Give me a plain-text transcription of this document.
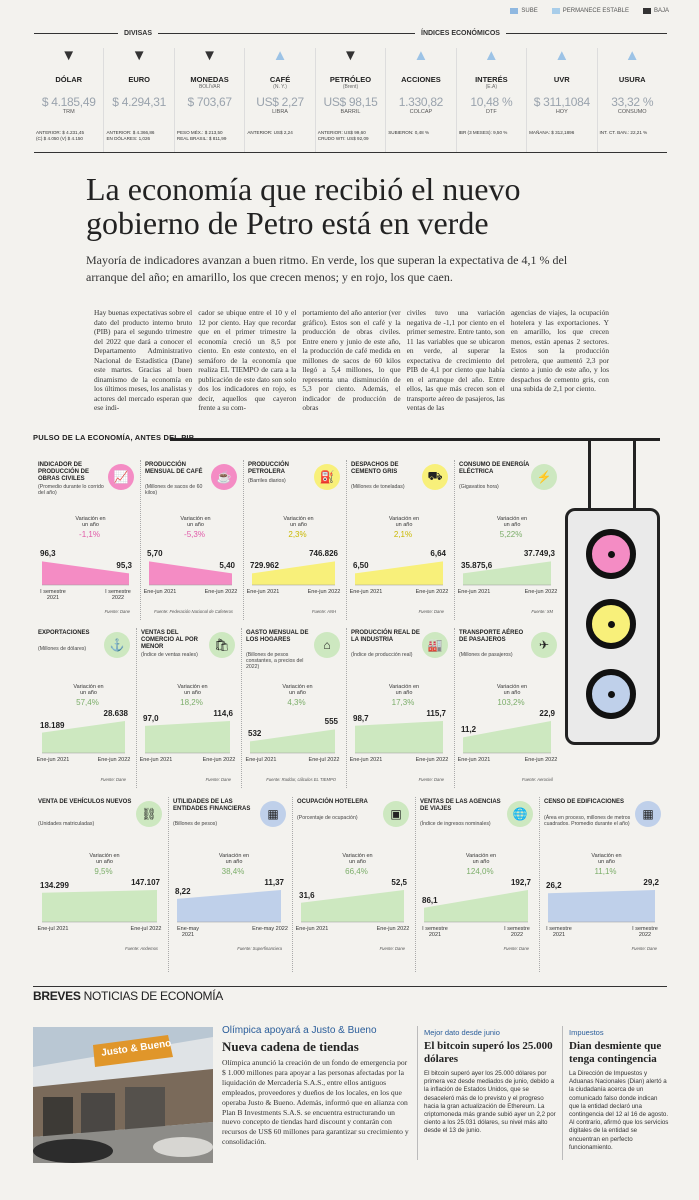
SUBE	PERMANECE ESTABLE	BAJA
DIVISAS	ÍNDICES ECONÓMICOS
▼
DÓLAR
$ 4.185,49
TRM
ANTERIOR: $ 4.231,45
(C) $ 4.050 (V) $ 4.150
▼
EURO
$ 4.294,31
ANTERIOR: $ 4.366,86
EN DÓLARES: 1,026
▼
MONEDAS
BOLÍVAR
$ 703,67
PESO MÉX.: $ 213,50
REAL BRASIL: $ 811,99
▲
CAFÉ
(N. Y.)
US$ 2,27
LIBRA
ANTERIOR: US$ 2,24
▼
PETRÓLEO
(Brent)
US$ 98,15
BARRIL
ANTERIOR: US$ 99,60
CRUDO WTI: US$ 92,09
▲
ACCIONES
1.330,82
COLCAP
SUBIERON: 0,48 %
▲
INTERÉS
(E.A)
10,48 %
DTF
IBR (3 MESES): 9,50 %
▲
UVR
$ 311,1084
HOY
MAÑANA: $ 312,1896
▲
USURA
33,32 %
CONSUMO
INT. CT. BAN.: 22,21 %
La economía que recibió el nuevo gobierno de Petro está en verde

Mayoría de indicadores avanzan a buen ritmo. En verde, los que superan la expectativa de 4,1 % del arranque del año; en amarillo, los que crecen menos; y en rojo, los que caen.

Hay buenas expectativas sobre el dato del producto interno bruto (PIB) para el segundo trimestre del 2022 que dará a conocer el Departamento Administrativo Nacional de Estadística (Dane) este martes. Gracias al buen dinamismo de la economía en los últimos meses, los analistas y actores del mercado esperan que ese indi-
cador se ubique entre el 10 y el 12 por ciento. Hay que recordar que en el primer trimestre la economía creció un 8,5 por ciento. En este contexto, en el semáforo de la economía que realiza EL TIEMPO de cara a la publicación de este dato son solo dos los indicadores en rojo, es decir, aquellos que cayeron frente a su com-
portamiento del año anterior (ver gráfico). Estos son el café y la producción de obras civiles. Entre enero y junio de este año, la producción de café medida en millones de sacos de 60 kilos llegó a 5,4 millones, lo que representa una disminución de 5,3 por ciento. Además, el indicador de producción de obras
civiles tuvo una variación negativa de -1,1 por ciento en el primer semestre. Entre tanto, son 11 las variables que se ubicaron en verde, al superar la expectativa de crecimiento del PIB de 4,1 por ciento que había en el arranque del año. Entre ellos, las que más crecen son el transporte aéreo de pasajeros, las ventas de las
agencias de viajes, la ocupación hotelera y las exportaciones. Y en amarillo, los que crecen menos, están apenas 2 sectores. Estos son la producción petrolera, que aumentó 2,3 por ciento a junio de este año, y los despachos de cemento gris, con una subida de 2,1 por ciento.
PULSO DE LA ECONOMÍA, ANTES DEL PIB
INDICADOR DE PRODUCCIÓN DE OBRAS CIVILES
(Promedio durante lo corrido del año)
📈
Variación en un año
-1,1%
96,3
95,3
I semestre 2021
I semestre 2022
Fuente: Dane
PRODUCCIÓN MENSUAL DE CAFÉ
(Millones de sacos de 60 kilos)
☕
Variación en un año
-5,3%
5,70
5,40
Ene-jun 2021	Ene-jun 2022
Fuente: Federación Nacional de Cafeteros
PRODUCCIÓN PETROLERA
(Barriles diarios)	⛽
Variación en un año
2,3%
729.962
746.826
Ene-jun 2021	Ene-jun 2022
Fuente: ANH
DESPACHOS DE CEMENTO GRIS
(Millones de toneladas)
⛟
Variación en un año
2,1%
6,50
6,64
Ene-jun 2021	Ene-jun 2022
Fuente: Dane
CONSUMO DE ENERGÍA ELÉCTRICA
(Gigavatios hora)
⚡
Variación en un año
5,22%
35.875,6
37.749,3
Ene-jun 2021	Ene-jun 2022
Fuente: XM
EXPORTACIONES
(Millones de dólares)	⚓
Variación en un año
57,4%
18.189
28.638
Ene-jun 2021	Ene-jun 2022
Fuente: Dane
VENTAS DEL COMERCIO AL POR MENOR
(Índice de ventas reales)
🛍
Variación en un año
18,2%
97,0
114,6
Ene-jun 2021	Ene-jun 2022
Fuente: Dane
GASTO MENSUAL DE LOS HOGARES
(Billones de pesos constantes, a precios del 2022)
⌂
Variación en un año
4,3%
532
555
Ene-jul 2021	Ene-jul 2022
Fuente: Raddar, cálculos EL TIEMPO
PRODUCCIÓN REAL DE LA INDUSTRIA
(Índice de producción real)
🏭
Variación en un año
17,3%
98,7
115,7
Ene-jun 2021	Ene-jun 2022
Fuente: Dane
TRANSPORTE AÉREO DE PASAJEROS
(Millones de pasajeros)
✈
Variación en un año
103,2%
11,2
22,9
Ene-jun 2021	Ene-jun 2022
Fuente: Aerocivil
VENTA DE VEHÍCULOS NUEVOS
(Unidades matriculadas)
⛓
Variación en un año
9,5%
134.299	147.107
Ene-jul 2021	Ene-jul 2022
Fuente: Andemos
UTILIDADES DE LAS ENTIDADES FINANCIERAS
(Billones de pesos)
▦
Variación en un año
38,4%
8,22
11,37
Ene-may 2021
Ene-may 2022
Fuente: Superfinanciera
OCUPACIÓN HOTELERA
(Porcentaje de ocupación)	▣
Variación en un año
66,4%
31,6
52,5
Ene-jun 2021	Ene-jun 2022
Fuente: Dane
VENTAS DE LAS AGENCIAS DE VIAJES
(Índice de ingresos nominales)
🌐
Variación en un año
124,0%
86,1
192,7
I semestre 2021
I semestre 2022
Fuente: Dane
CENSO DE EDIFICACIONES
(Área en proceso, millones de metros cuadrados. Promedio durante el año)
▦
Variación en un año
11,1%
26,2	29,2
I semestre 2021
I semestre 2022
Fuente: Dane
BREVES NOTICIAS DE ECONOMÍA
Justo & Bueno
Olímpica apoyará a Justo & Bueno
Nueva cadena de tiendas
Olímpica anunció la creación de un fondo de emergencia por $ 1.000 millones para apoyar a las personas afectadas por la liquidación de Mercadería S.A.S., entre ellos antiguos empleados, proveedores y dueños de los locales, en los que operaba Justo & Bueno. Además, informó que en alianza con Plan B Investments S.A.S. se encuentra estructurando un nuevo concepto de tiendas hard discount y contarán con recursos de US$ 60 millones para garantizar su crecimiento y consolidación.
Mejor dato desde junio
El bitcoin superó los 25.000 dólares
El bitcoin superó ayer los 25.000 dólares por primera vez desde mediados de junio, debido a la inflación de Estados Unidos, que se desaceleró más de lo previsto y el progreso hacia la gran actualización de Ethereum. La criptomoneda más grande subió ayer un 2,2 por ciento a los 25.031 dólares, su nivel más alto desde el 13 de junio.
Impuestos
Dian desmiente que tenga contingencia
La Dirección de Impuestos y Aduanas Nacionales (Dian) alertó a la ciudadanía acerca de un comunicado falso donde indican que la entidad declaró una contingencia del 12 al 16 de agosto. Al contrario, afirmó que los servicios digitales de la entidad se encuentran en perfecto funcionamiento.
